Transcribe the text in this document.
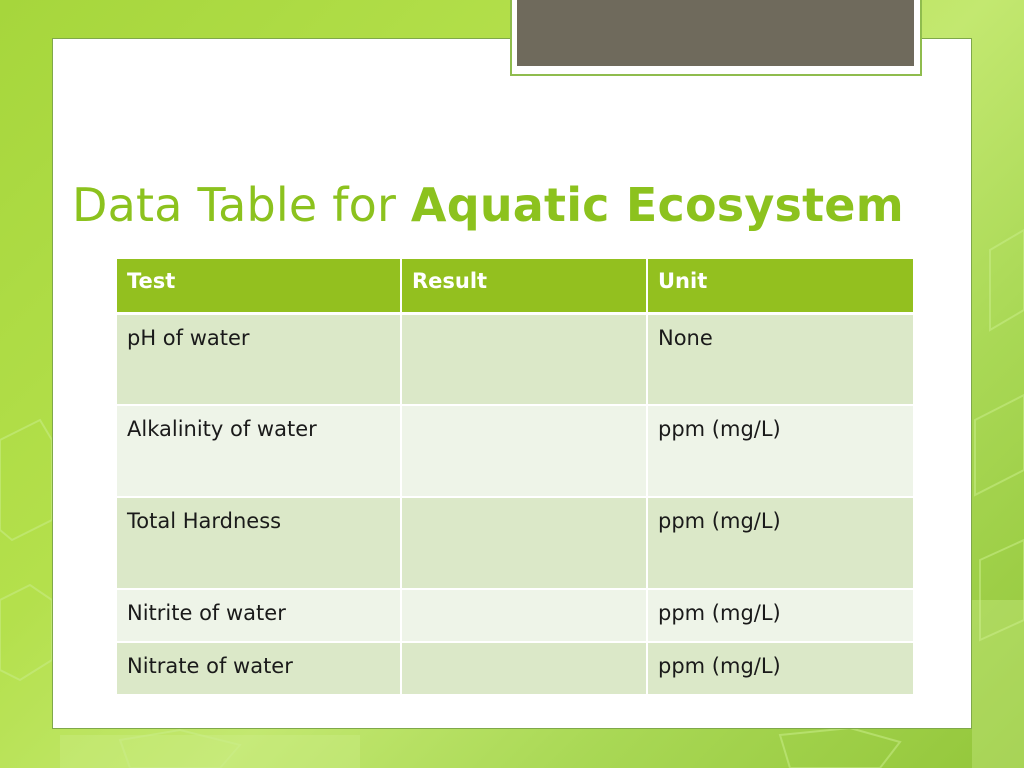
Data Table for Aquatic Ecosystem
Test	Result	Unit
pH of water		None
Alkalinity of water		ppm (mg/L)
Total Hardness		ppm (mg/L)
Nitrite of water		ppm (mg/L)
Nitrate of water		ppm (mg/L)
